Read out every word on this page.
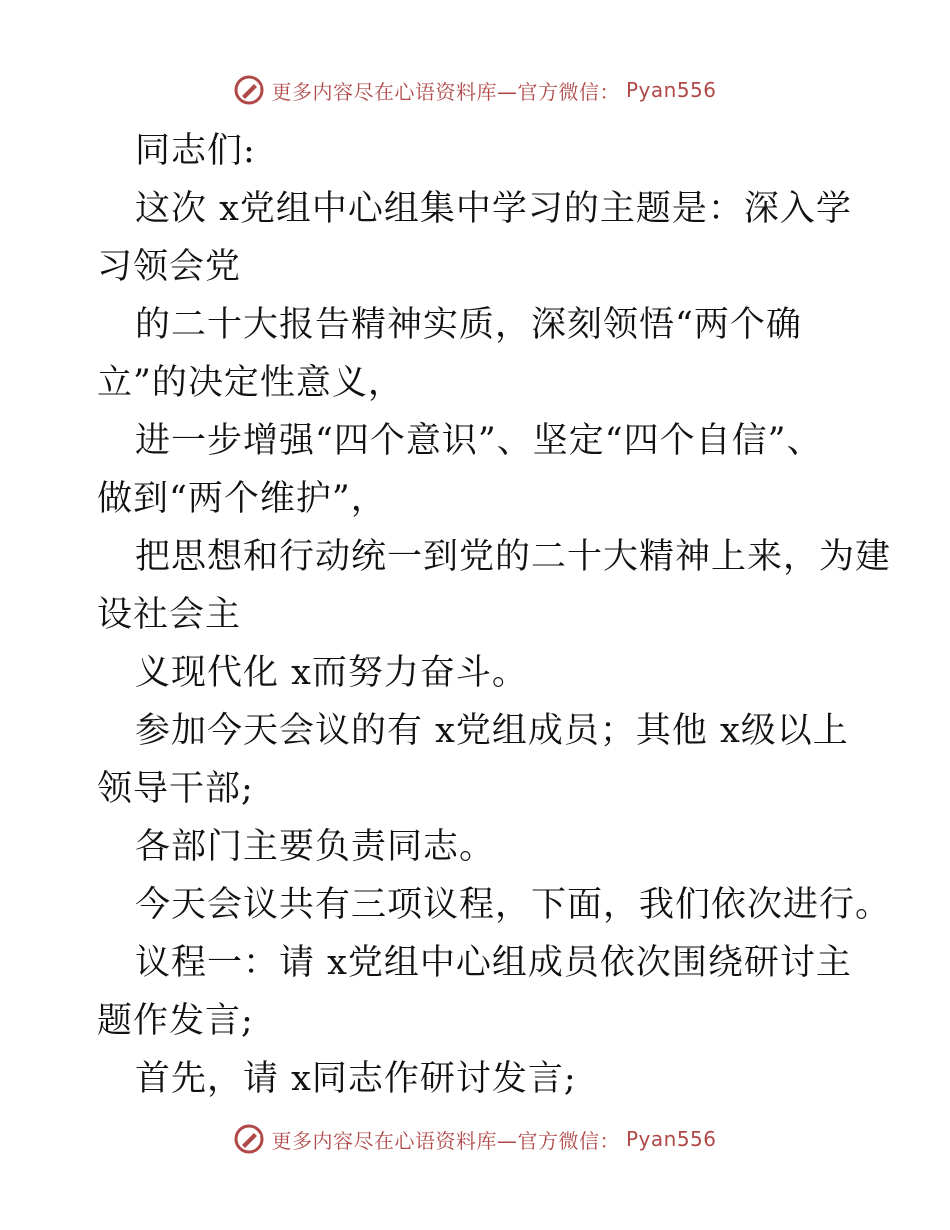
更多内容尽在心语资料库—官方微信： Pyan556
同志们:
这次 x党组中心组集中学习的主题是：深入学
习领会党
的二十大报告精神实质，深刻领悟“两个确
立”的决定性意义，
进一步增强“四个意识”、坚定“四个自信”、
做到“两个维护”，
把思想和行动统一到党的二十大精神上来，为建
设社会主
义现代化 x而努力奋斗。
参加今天会议的有 x党组成员；其他 x级以上
领导干部;
各部门主要负责同志。
今天会议共有三项议程，下面，我们依次进行。
议程一：请 x党组中心组成员依次围绕研讨主
题作发言;
首先，请 x同志作研讨发言;
更多内容尽在心语资料库—官方微信： Pyan556
